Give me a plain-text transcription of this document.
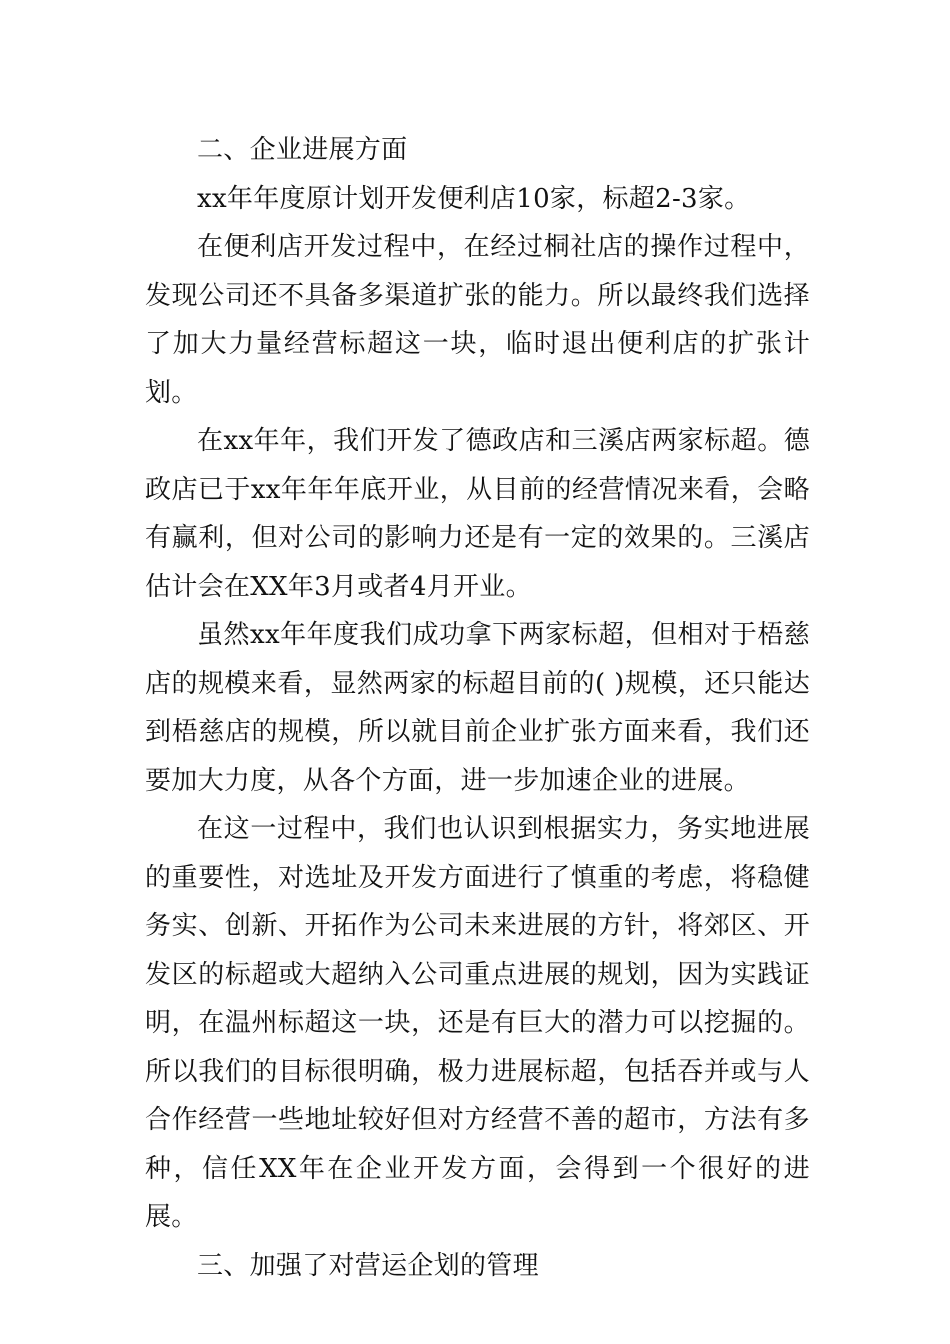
二、企业进展方面

xx年年度原计划开发便利店10家，标超2-3家。

在便利店开发过程中，在经过桐社店的操作过程中，发现公司还不具备多渠道扩张的能力。所以最终我们选择了加大力量经营标超这一块，临时退出便利店的扩张计划。

在xx年年，我们开发了德政店和三溪店两家标超。德政店已于xx年年年底开业，从目前的经营情况来看，会略有赢利，但对公司的影响力还是有一定的效果的。三溪店估计会在XX年3月或者4月开业。

虽然xx年年度我们成功拿下两家标超，但相对于梧慈店的规模来看，显然两家的标超目前的( )规模，还只能达到梧慈店的规模，所以就目前企业扩张方面来看，我们还要加大力度，从各个方面，进一步加速企业的进展。

在这一过程中，我们也认识到根据实力，务实地进展的重要性，对选址及开发方面进行了慎重的考虑，将稳健务实、创新、开拓作为公司未来进展的方针，将郊区、开发区的标超或大超纳入公司重点进展的规划，因为实践证明，在温州标超这一块，还是有巨大的潜力可以挖掘的。所以我们的目标很明确，极力进展标超，包括吞并或与人合作经营一些地址较好但对方经营不善的超市，方法有多种，信任XX年在企业开发方面，会得到一个很好的进展。

三、加强了对营运企划的管理
